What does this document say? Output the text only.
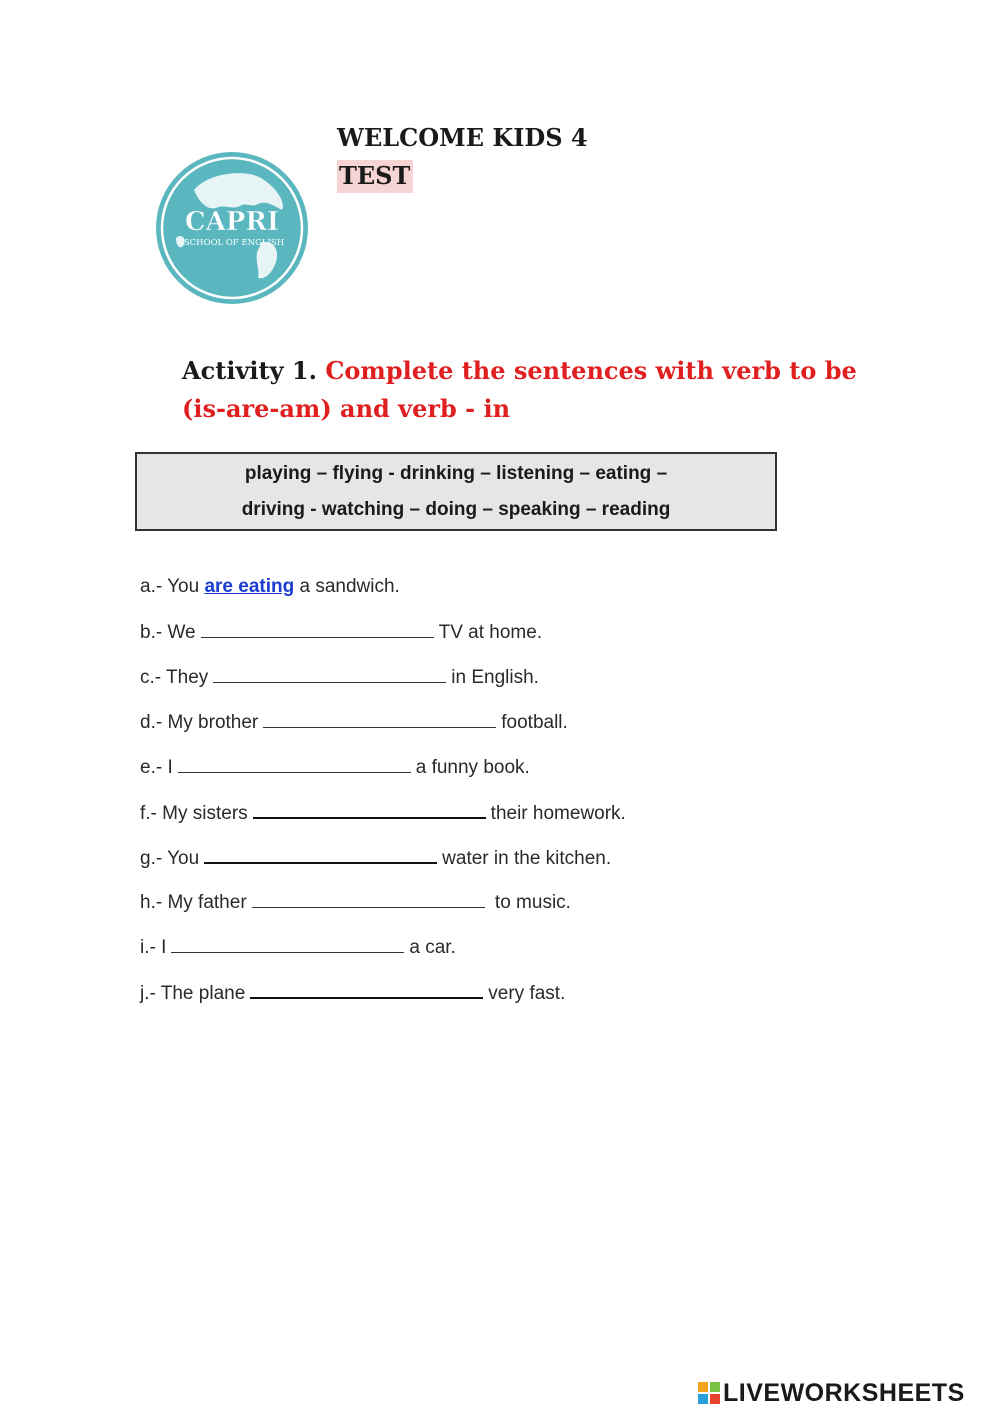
CAPRI
SCHOOL OF ENGLISH
WELCOME KIDS 4
TEST
Activity 1. Complete the sentences with verb to be (is-are-am) and verb - in
playing – flying - drinking – listening – eating –
driving - watching – doing – speaking – reading
a.- You are eating a sandwich.
b.- We	TV at home.
c.- They	in English.
d.- My brother	football.
e.- I	a funny book.
f.- My sisters	their homework.
g.- You	water in the kitchen.
h.- My father	to music.
i.- I	a car.
j.- The plane	very fast.
LIVEWORKSHEETS
